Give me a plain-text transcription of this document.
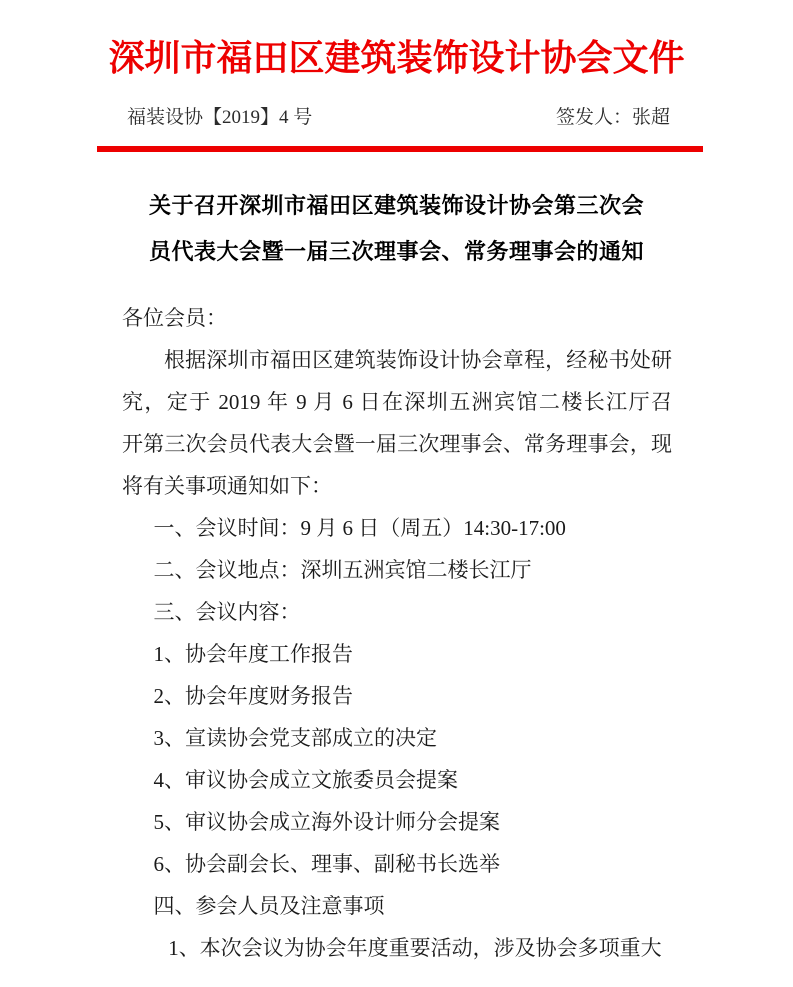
深圳市福田区建筑装饰设计协会文件
福装设协【2019】4 号	签发人：张超
关于召开深圳市福田区建筑装饰设计协会第三次会
员代表大会暨一届三次理事会、常务理事会的通知
各位会员：
根据深圳市福田区建筑装饰设计协会章程，经秘书处研
究，定于 2019 年 9 月 6 日在深圳五洲宾馆二楼长江厅召
开第三次会员代表大会暨一届三次理事会、常务理事会，现
将有关事项通知如下：
一、会议时间：9 月 6 日（周五）14:30-17:00
二、会议地点：深圳五洲宾馆二楼长江厅
三、会议内容：
1、协会年度工作报告
2、协会年度财务报告
3、宣读协会党支部成立的决定
4、审议协会成立文旅委员会提案
5、审议协会成立海外设计师分会提案
6、协会副会长、理事、副秘书长选举
四、参会人员及注意事项
1、本次会议为协会年度重要活动，涉及协会多项重大
